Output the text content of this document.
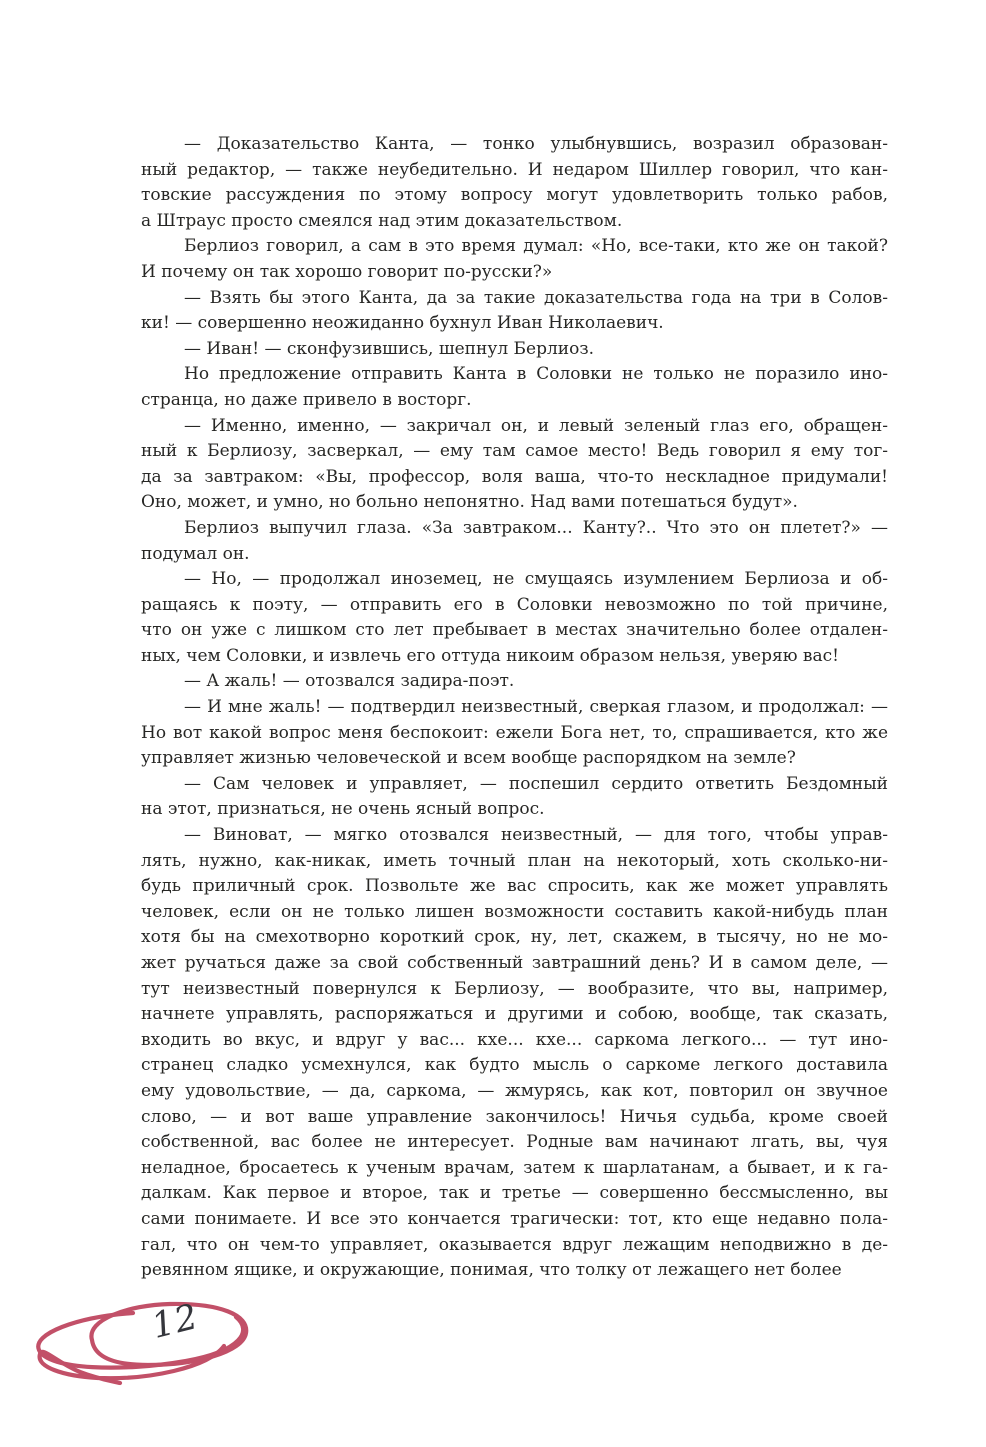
— Доказательство Канта, — тонко улыбнувшись, возразил образован-
ный редактор, — также неубедительно. И недаром Шиллер говорил, что кан-
товские рассуждения по этому вопросу могут удовлетворить только рабов,
а Штраус просто смеялся над этим доказательством.

Берлиоз говорил, а сам в это время думал: «Но, все-таки, кто же он такой?
И почему он так хорошо говорит по-русски?»

— Взять бы этого Канта, да за такие доказательства года на три в Солов-
ки! — совершенно неожиданно бухнул Иван Николаевич.

— Иван! — сконфузившись, шепнул Берлиоз.

Но предложение отправить Канта в Соловки не только не поразило ино-
странца, но даже привело в восторг.

— Именно, именно, — закричал он, и левый зеленый глаз его, обращен-
ный к Берлиозу, засверкал, — ему там самое место! Ведь говорил я ему тог-
да за завтраком: «Вы, профессор, воля ваша, что-то нескладное придумали!
Оно, может, и умно, но больно непонятно. Над вами потешаться будут».

Берлиоз выпучил глаза. «За завтраком... Канту?.. Что это он плетет?» —
подумал он.

— Но, — продолжал иноземец, не смущаясь изумлением Берлиоза и об-
ращаясь к поэту, — отправить его в Соловки невозможно по той причине,
что он уже с лишком сто лет пребывает в местах значительно более отдален-
ных, чем Соловки, и извлечь его оттуда никоим образом нельзя, уверяю вас!

— А жаль! — отозвался задира-поэт.

— И мне жаль! — подтвердил неизвестный, сверкая глазом, и продолжал: —
Но вот какой вопрос меня беспокоит: ежели Бога нет, то, спрашивается, кто же
управляет жизнью человеческой и всем вообще распорядком на земле?

— Сам человек и управляет, — поспешил сердито ответить Бездомный
на этот, признаться, не очень ясный вопрос.

— Виноват, — мягко отозвался неизвестный, — для того, чтобы управ-
лять, нужно, как-никак, иметь точный план на некоторый, хоть сколько-ни-
будь приличный срок. Позвольте же вас спросить, как же может управлять
человек, если он не только лишен возможности составить какой-нибудь план
хотя бы на смехотворно короткий срок, ну, лет, скажем, в тысячу, но не мо-
жет ручаться даже за свой собственный завтрашний день? И в самом деле, —
тут неизвестный повернулся к Берлиозу, — вообразите, что вы, например,
начнете управлять, распоряжаться и другими и собою, вообще, так сказать,
входить во вкус, и вдруг у вас... кхе... кхе... саркома легкого... — тут ино-
странец сладко усмехнулся, как будто мысль о саркоме легкого доставила
ему удовольствие, — да, саркома, — жмурясь, как кот, повторил он звучное
слово, — и вот ваше управление закончилось! Ничья судьба, кроме своей
собственной, вас более не интересует. Родные вам начинают лгать, вы, чуя
неладное, бросаетесь к ученым врачам, затем к шарлатанам, а бывает, и к га-
далкам. Как первое и второе, так и третье — совершенно бессмысленно, вы
сами понимаете. И все это кончается трагически: тот, кто еще недавно пола-
гал, что он чем-то управляет, оказывается вдруг лежащим неподвижно в де-
ревянном ящике, и окружающие, понимая, что толку от лежащего нет более

12
